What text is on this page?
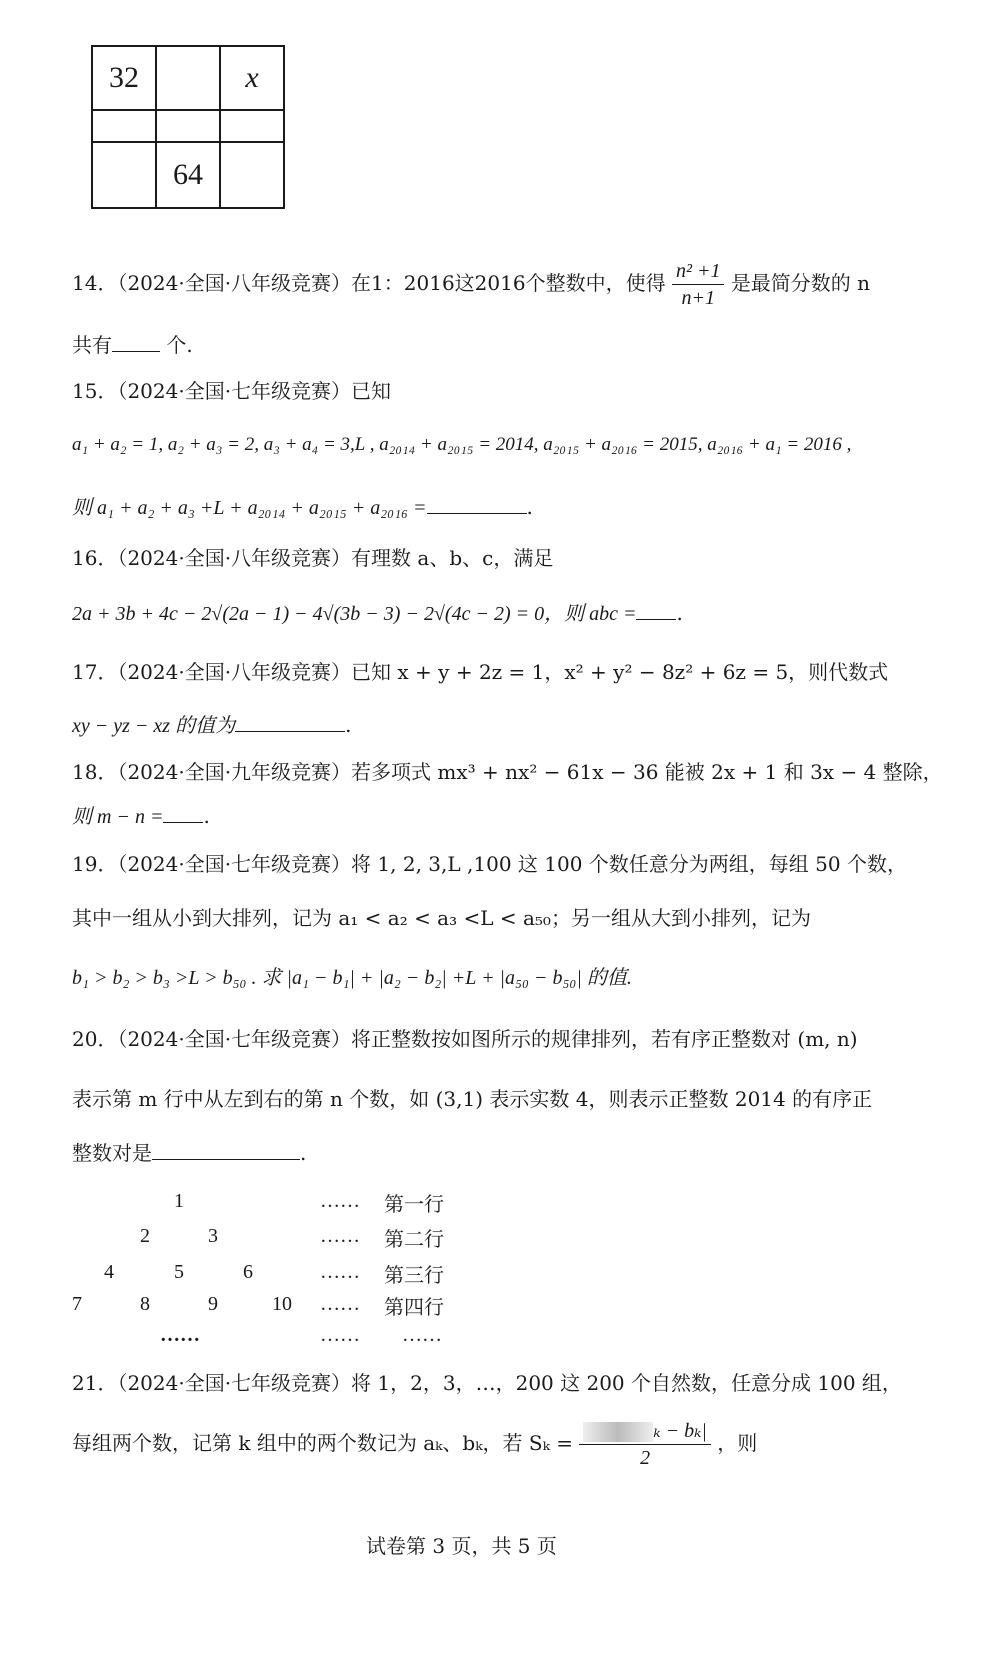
32		x

	64	
14．（2024·全国·八年级竞赛）在1：2016这2016个整数中，使得 $\frac{\text{n² +1}}{n+1}$ 是最简分数的 n
共有 个.
15．（2024·全国·七年级竞赛）已知
a₁ + a₂ = 1, a₂ + a₃ = 2, a₃ + a₄ = 3,L , a₂₀₁₄ + a₂₀₁₅ = 2014, a₂₀₁₅ + a₂₀₁₆ = 2015, a₂₀₁₆ + a₁ = 2016 ,
则 a₁ + a₂ + a₃ +L + a₂₀₁₄ + a₂₀₁₅ + a₂₀₁₆ =	.
16．（2024·全国·八年级竞赛）有理数 a、b、c，满足
2a + 3b + 4c − 2√(2a − 1) − 4√(3b − 3) − 2√(4c − 2) = 0，则 abc = .
17．（2024·全国·八年级竞赛）已知 x + y + 2z = 1，x² + y² − 8z² + 6z = 5，则代数式
xy − yz − xz 的值为	.
18．（2024·全国·九年级竞赛）若多项式 mx³ + nx² − 61x − 36 能被 2x + 1 和 3x − 4 整除，
则 m − n = .
19．（2024·全国·七年级竞赛）将 1, 2, 3,L ,100 这 100 个数任意分为两组，每组 50 个数，
其中一组从小到大排列，记为 a₁ < a₂ < a₃ <L < a₅₀；另一组从大到小排列，记为
b₁ > b₂ > b₃ >L > b₅₀ . 求 |a₁ − b₁| + |a₂ − b₂| +L + |a₅₀ − b₅₀| 的值.
20．（2024·全国·七年级竞赛）将正整数按如图所示的规律排列，若有序正整数对 (m, n)
表示第 m 行中从左到右的第 n 个数，如 (3,1) 表示实数 4，则表示正整数 2014 的有序正
整数对是	.
1	…… 第一行
2	3	…… 第二行
4	5	6	…… 第三行
7	8	9	10 …… 第四行
……	…… ……
21．（2024·全国·七年级竞赛）将 1，2，3，…，200 这 200 个自然数，任意分成 100 组，
每组两个数，记第 k 组中的两个数记为 aₖ、bₖ，若 $S_k = \frac{\text{ₖ − bₖ|}}{2}$ ，则
试卷第 3 页，共 5 页
